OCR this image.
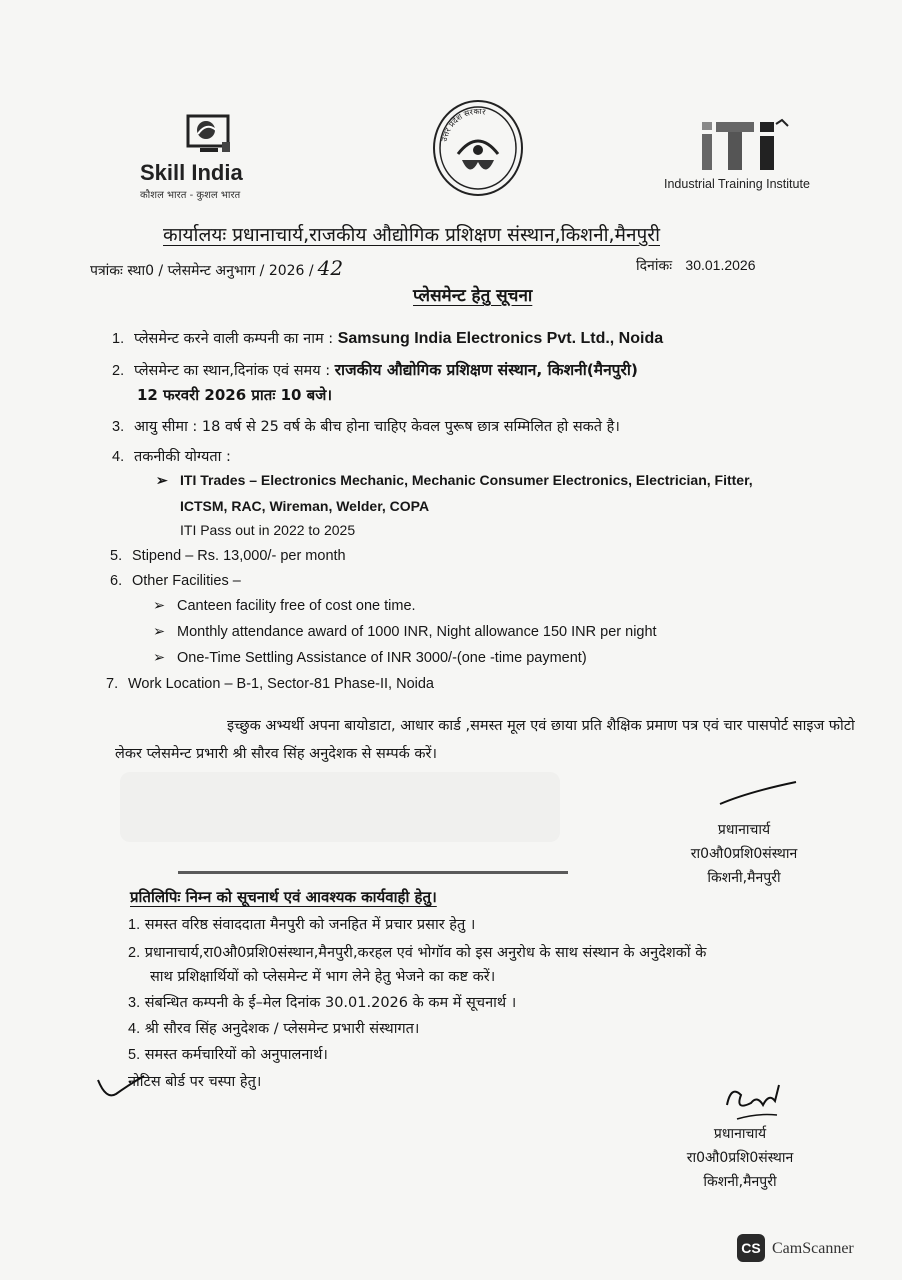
Skill India
कौशल भारत - कुशल भारत
उत्तर प्रदेश सरकार
Industrial Training Institute
कार्यालयः प्रधानाचार्य,राजकीय औद्योगिक प्रशिक्षण संस्थान,किशनी,मैनपुरी
पत्रांकः स्था0 / प्लेसमेन्ट अनुभाग / 2026 / 42	दिनांकः 30.01.2026
प्लेसमेन्ट हेतु सूचना
1. प्लेसमेन्ट करने वाली कम्पनी का नाम : Samsung India Electronics Pvt. Ltd., Noida
2. प्लेसमेन्ट का स्थान,दिनांक एवं समय : राजकीय औद्योगिक प्रशिक्षण संस्थान, किशनी(मैनपुरी)
12 फरवरी 2026 प्रातः 10 बजे।
3. आयु सीमा : 18 वर्ष से 25 वर्ष के बीच होना चाहिए केवल पुरूष छात्र सम्मिलित हो सकते है।
4. तकनीकी योग्यता :
➢ ITI Trades – Electronics Mechanic, Mechanic Consumer Electronics, Electrician, Fitter,
ICTSM, RAC, Wireman, Welder, COPA
ITI Pass out in 2022 to 2025
5. Stipend – Rs. 13,000/- per month
6. Other Facilities –
➢ Canteen facility free of cost one time.
➢ Monthly attendance award of 1000 INR, Night allowance 150 INR per night
➢ One-Time Settling Assistance of INR 3000/-(one -time payment)
7. Work Location – B-1, Sector-81 Phase-II, Noida
इच्छुक अभ्यर्थी अपना बायोडाटा, आधार कार्ड ,समस्त मूल एवं छाया प्रति शैक्षिक प्रमाण पत्र एवं चार पासपोर्ट साइज फोटो लेकर प्लेसमेन्ट प्रभारी श्री सौरव सिंह अनुदेशक से सम्पर्क करें।
प्रधानाचार्य
रा0औ0प्रशि0संस्थान
किशनी,मैनपुरी
प्रतिलिपिः निम्न को सूचनार्थ एवं आवश्यक कार्यवाही हेतु।
1. समस्त वरिष्ठ संवाददाता मैनपुरी को जनहित में प्रचार प्रसार हेतु ।
2. प्रधानाचार्य,रा0औ0प्रशि0संस्थान,मैनपुरी,करहल एवं भोगॉव को इस अनुरोध के साथ संस्थान के अनुदेशकों के
साथ प्रशिक्षार्थियों को प्लेसमेन्ट में भाग लेने हेतु भेजने का कष्ट करें।
3. संबन्धित कम्पनी के ई–मेल दिनांक 30.01.2026 के कम में सूचनार्थ ।
4. श्री सौरव सिंह अनुदेशक / प्लेसमेन्ट प्रभारी संस्थागत।
5. समस्त कर्मचारियों को अनुपालनार्थ।
नोटिस बोर्ड पर चस्पा हेतु।
प्रधानाचार्य
रा0औ0प्रशि0संस्थान
किशनी,मैनपुरी
CS CamScanner
